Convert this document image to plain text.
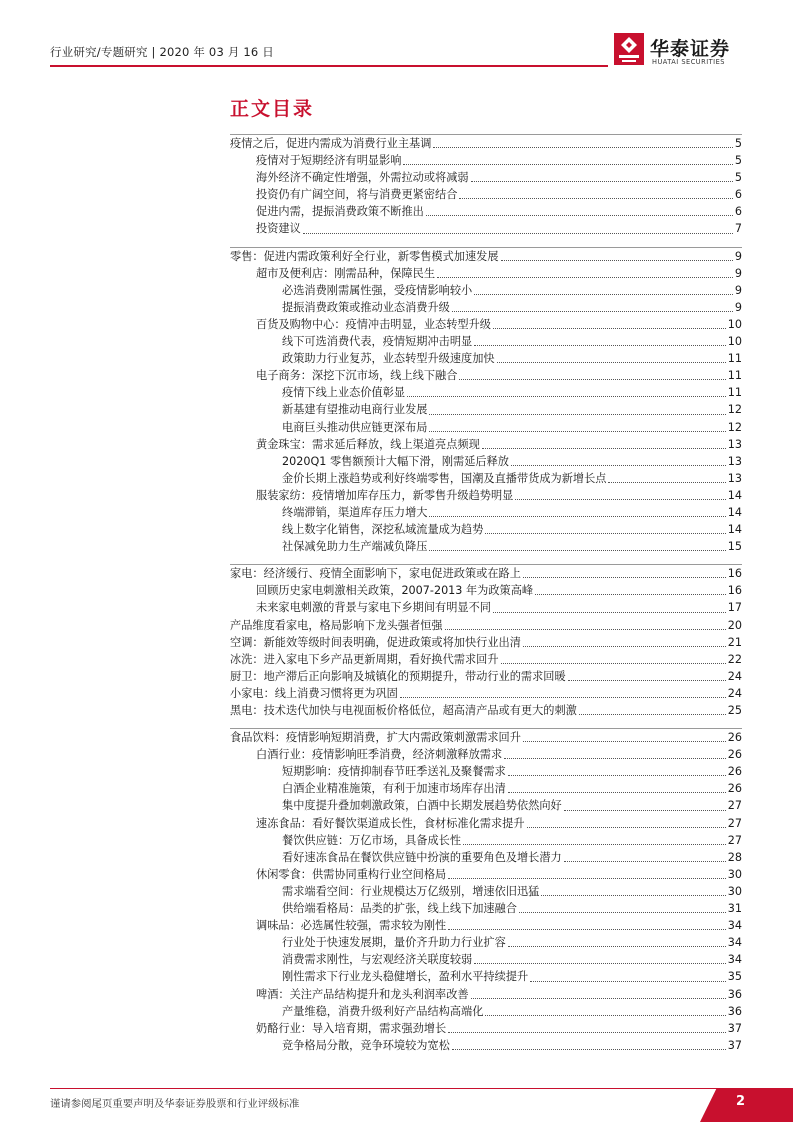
行业研究/专题研究 | 2020 年 03 月 16 日	华泰证券
HUATAI SECURITIES
正文目录
疫情之后，促进内需成为消费行业主基调	5
疫情对于短期经济有明显影响	5
海外经济不确定性增强，外需拉动或将减弱	5
投资仍有广阔空间，将与消费更紧密结合	6
促进内需，提振消费政策不断推出	6
投资建议	7
零售：促进内需政策利好全行业，新零售模式加速发展	9
超市及便利店：刚需品种，保障民生	9
必选消费刚需属性强，受疫情影响较小	9
提振消费政策或推动业态消费升级	9
百货及购物中心：疫情冲击明显，业态转型升级	10
线下可选消费代表，疫情短期冲击明显	10
政策助力行业复苏，业态转型升级速度加快	11
电子商务：深挖下沉市场，线上线下融合	11
疫情下线上业态价值彰显	11
新基建有望推动电商行业发展	12
电商巨头推动供应链更深布局	12
黄金珠宝：需求延后释放，线上渠道亮点频现	13
2020Q1 零售额预计大幅下滑，刚需延后释放	13
金价长期上涨趋势或利好终端零售，国潮及直播带货成为新增长点	13
服装家纺：疫情增加库存压力，新零售升级趋势明显	14
终端滞销，渠道库存压力增大	14
线上数字化销售，深挖私域流量成为趋势	14
社保减免助力生产端减负降压	15
家电：经济缓行、疫情全面影响下，家电促进政策或在路上	16
回顾历史家电刺激相关政策，2007-2013 年为政策高峰	16
未来家电刺激的背景与家电下乡期间有明显不同	17
产品维度看家电，格局影响下龙头强者恒强	20
空调：新能效等级时间表明确，促进政策或将加快行业出清	21
冰洗：进入家电下乡产品更新周期，看好换代需求回升	22
厨卫：地产滞后正向影响及城镇化的预期提升，带动行业的需求回暖	24
小家电：线上消费习惯将更为巩固	24
黑电：技术迭代加快与电视面板价格低位，超高清产品或有更大的刺激	25
食品饮料：疫情影响短期消费，扩大内需政策刺激需求回升	26
白酒行业：疫情影响旺季消费，经济刺激释放需求	26
短期影响：疫情抑制春节旺季送礼及聚餐需求	26
白酒企业精准施策，有利于加速市场库存出清	26
集中度提升叠加刺激政策，白酒中长期发展趋势依然向好	27
速冻食品：看好餐饮渠道成长性，食材标准化需求提升	27
餐饮供应链：万亿市场，具备成长性	27
看好速冻食品在餐饮供应链中扮演的重要角色及增长潜力	28
休闲零食：供需协同重构行业空间格局	30
需求端看空间：行业规模达万亿级别，增速依旧迅猛	30
供给端看格局：品类的扩张，线上线下加速融合	31
调味品：必选属性较强，需求较为刚性	34
行业处于快速发展期，量价齐升助力行业扩容	34
消费需求刚性，与宏观经济关联度较弱	34
刚性需求下行业龙头稳健增长，盈利水平持续提升	35
啤酒：关注产品结构提升和龙头利润率改善	36
产量维稳，消费升级利好产品结构高端化	36
奶酪行业：导入培育期，需求强劲增长	37
竞争格局分散，竞争环境较为宽松	37
谨请参阅尾页重要声明及华泰证券股票和行业评级标准	2
